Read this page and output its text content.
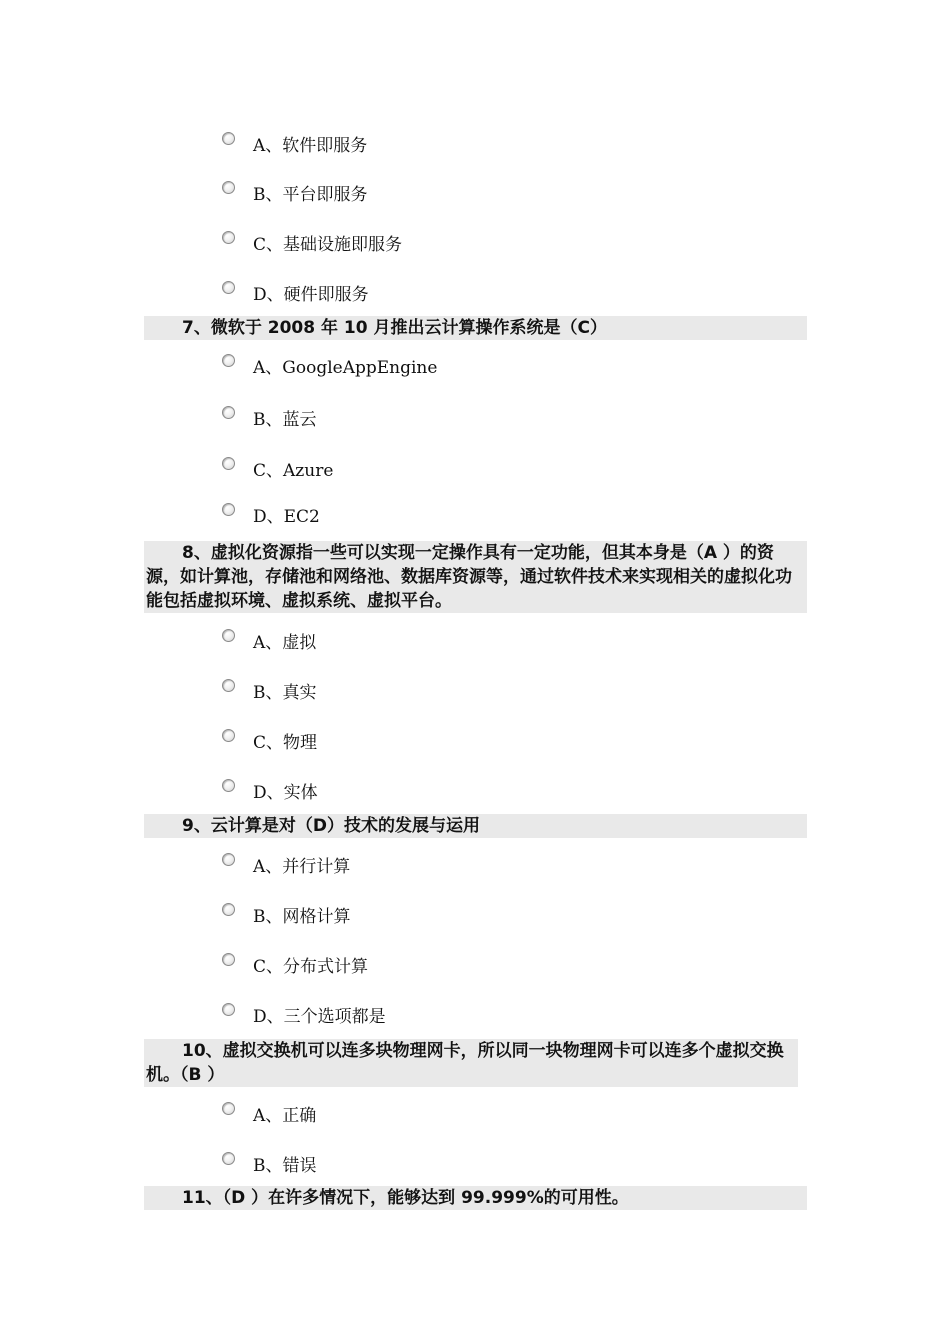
A、软件即服务
B、平台即服务
C、基础设施即服务
D、硬件即服务
7、微软于 2008 年 10 月推出云计算操作系统是（C）
A、GoogleAppEngine
B、蓝云
C、Azure
D、EC2
8、虚拟化资源指一些可以实现一定操作具有一定功能，但其本身是（A ）的资源，如计算池，存储池和网络池、数据库资源等，通过软件技术来实现相关的虚拟化功能包括虚拟环境、虚拟系统、虚拟平台。
A、虚拟
B、真实
C、物理
D、实体
9、云计算是对（D）技术的发展与运用
A、并行计算
B、网格计算
C、分布式计算
D、三个选项都是
10、虚拟交换机可以连多块物理网卡，所以同一块物理网卡可以连多个虚拟交换机。（B ）
A、正确
B、错误
11、（D ）在许多情况下，能够达到 99.999%的可用性。
